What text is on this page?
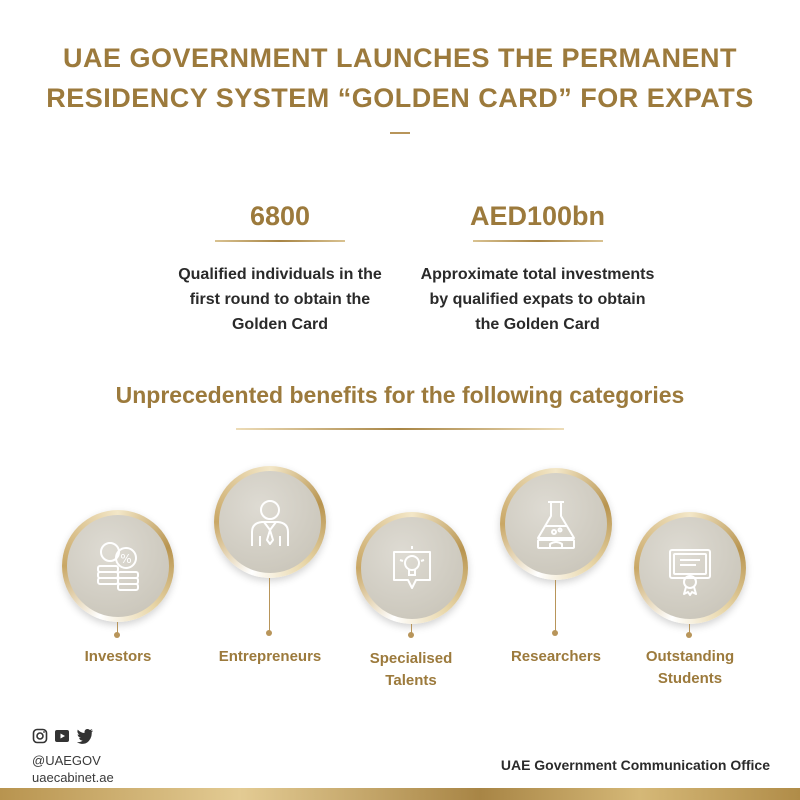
UAE GOVERNMENT LAUNCHES THE PERMANENT
RESIDENCY SYSTEM “GOLDEN CARD” FOR EXPATS
6800
Qualified individuals in the
first round to obtain the
Golden Card
AED100bn
Approximate total investments
by qualified expats to obtain
the Golden Card
Unprecedented benefits for the following categories
%
Investors	Entrepreneurs	Specialised
Talents
Researchers	Outstanding
Students
@UAEGOV
uaecabinet.ae
UAE Government Communication Office
